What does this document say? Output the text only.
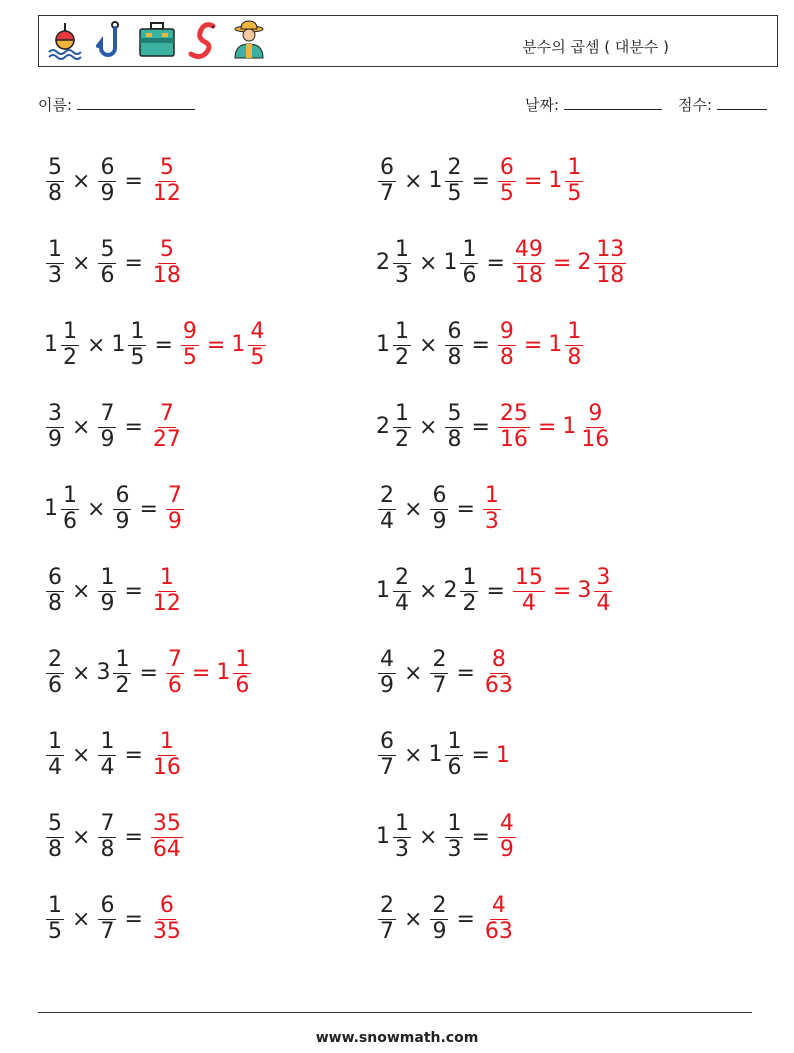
분수의 곱셈 ( 대분수 )
이름:	날짜:	점수:
$\frac{5}{8} \times \frac{6}{9} = \frac{5}{12}$
$\frac{1}{3} \times \frac{5}{6} = \frac{5}{18}$
$1 \frac{1}{2} \times 1 \frac{1}{5} = \frac{9}{5} = 1 \frac{4}{5}$
$\frac{3}{9} \times \frac{7}{9} = \frac{7}{27}$
$1 \frac{1}{6} \times \frac{6}{9} = \frac{7}{9}$
$\frac{6}{8} \times \frac{1}{9} = \frac{1}{12}$
$\frac{2}{6} \times 3 \frac{1}{2} = \frac{7}{6} = 1 \frac{1}{6}$
$\frac{1}{4} \times \frac{1}{4} = \frac{1}{16}$
$\frac{5}{8} \times \frac{7}{8} = \frac{35}{64}$
$\frac{1}{5} \times \frac{6}{7} = \frac{6}{35}$
$\frac{6}{7} \times 1 \frac{2}{5} = \frac{6}{5} = 1 \frac{1}{5}$
$2 \frac{1}{3} \times 1 \frac{1}{6} = \frac{49}{18} = 2 \frac{13}{18}$
$1 \frac{1}{2} \times \frac{6}{8} = \frac{9}{8} = 1 \frac{1}{8}$
$2 \frac{1}{2} \times \frac{5}{8} = \frac{25}{16} = 1 \frac{9}{16}$
$\frac{2}{4} \times \frac{6}{9} = \frac{1}{3}$
$1 \frac{2}{4} \times 2 \frac{1}{2} = \frac{15}{4} = 3 \frac{3}{4}$
$\frac{4}{9} \times \frac{2}{7} = \frac{8}{63}$
$\frac{6}{7} \times 1 \frac{1}{6} = 1$
$1 \frac{1}{3} \times \frac{1}{3} = \frac{4}{9}$
$\frac{2}{7} \times \frac{2}{9} = \frac{4}{63}$
www.snowmath.com
